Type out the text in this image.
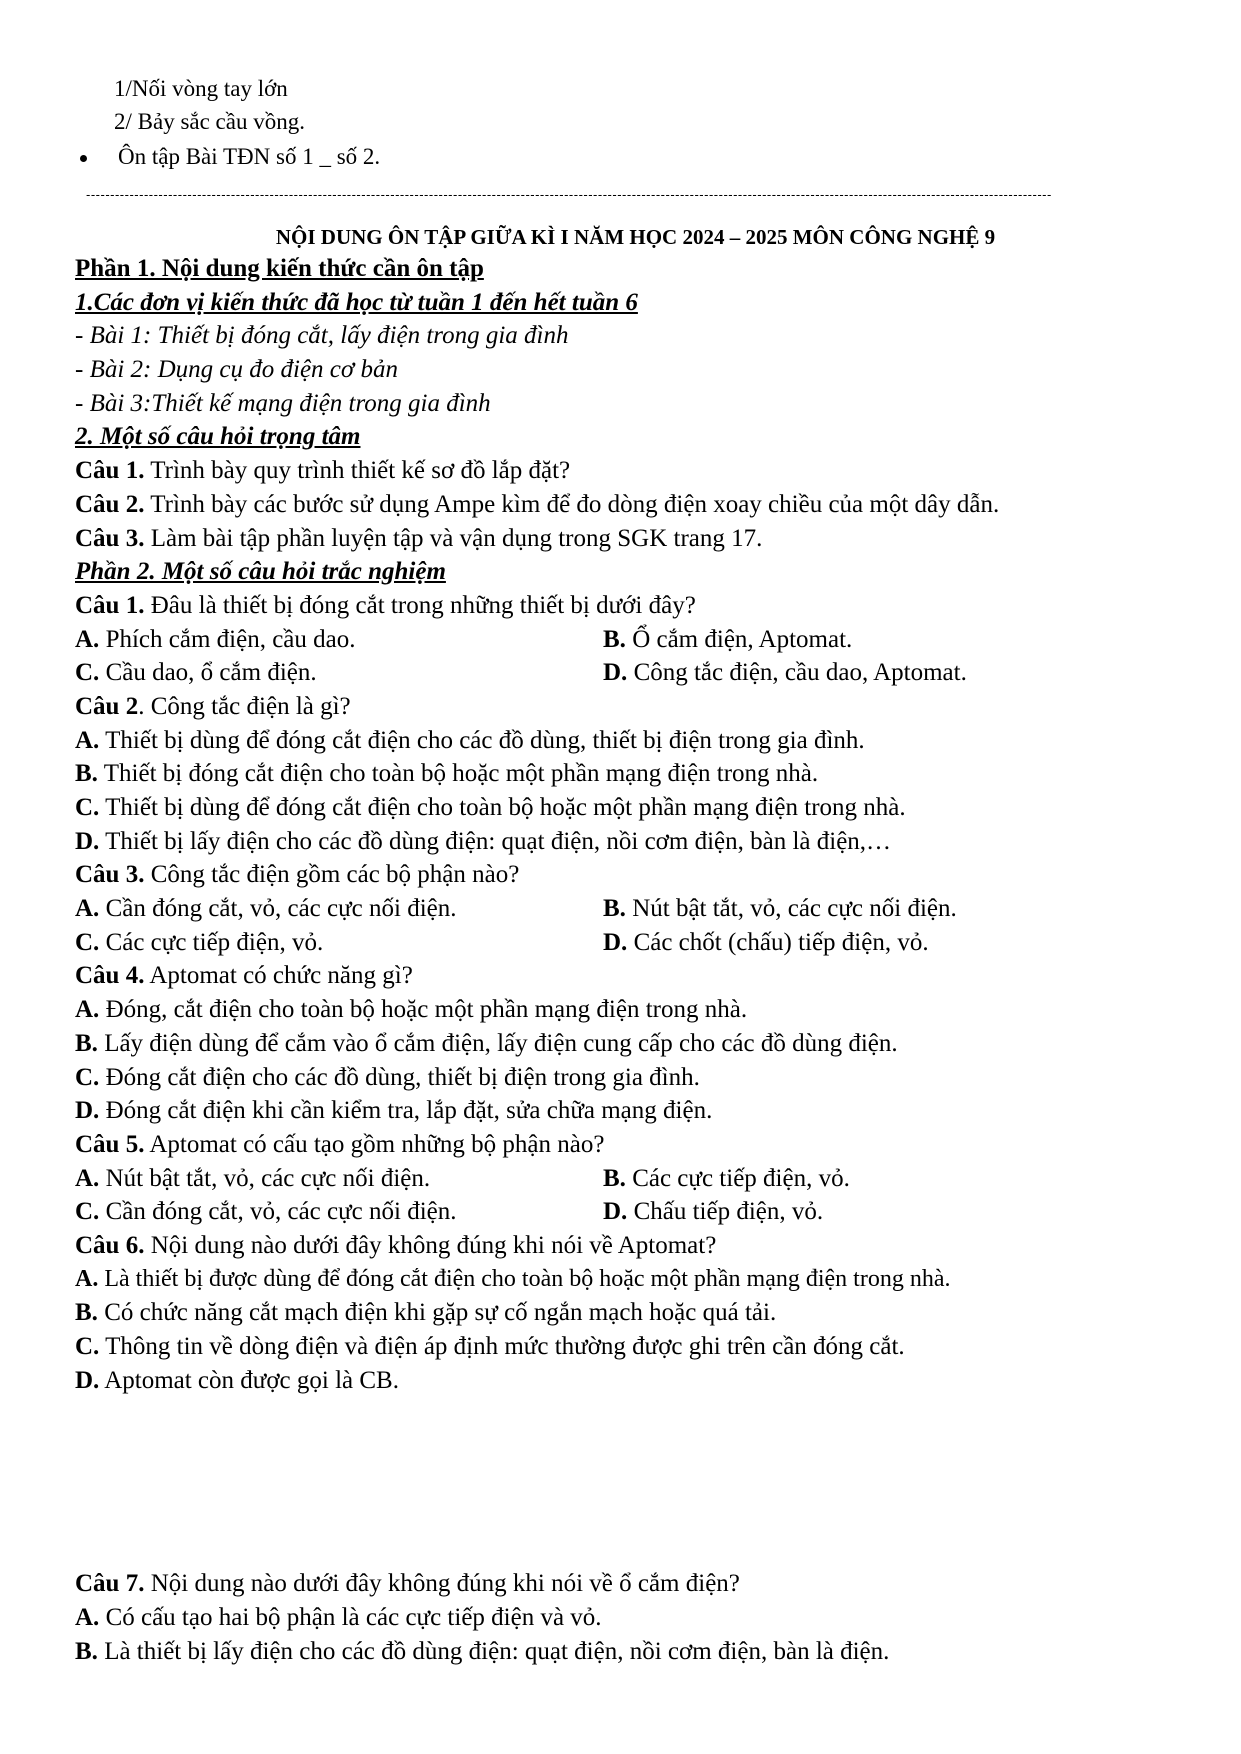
1/Nối vòng tay lớn
2/ Bảy sắc cầu vồng.
Ôn tập Bài TĐN số 1 _ số 2.
--------------------------------------------------------------------------------------------------------------------------------------------------------------------------------------------------------
NỘI DUNG ÔN TẬP GIỮA KÌ I NĂM HỌC 2024 – 2025 MÔN CÔNG NGHỆ 9
Phần 1. Nội dung kiến thức cần ôn tập
1.Các đơn vị kiến thức đã học từ tuần 1 đến hết tuần 6
- Bài 1: Thiết bị đóng cắt, lấy điện trong gia đình
- Bài 2: Dụng cụ đo điện cơ bản
- Bài 3:Thiết kế mạng điện trong gia đình
2. Một số câu hỏi trọng tâm
Câu 1. Trình bày quy trình thiết kế sơ đồ lắp đặt?
Câu 2. Trình bày các bước sử dụng Ampe kìm để đo dòng điện xoay chiều của một dây dẫn.
Câu 3. Làm bài tập phần luyện tập và vận dụng trong SGK trang 17.
Phần 2. Một số câu hỏi trắc nghiệm
Câu 1. Đâu là thiết bị đóng cắt trong những thiết bị dưới đây?
A. Phích cắm điện, cầu dao.	B. Ổ cắm điện, Aptomat.
C. Cầu dao, ổ cắm điện.	D. Công tắc điện, cầu dao, Aptomat.
Câu 2. Công tắc điện là gì?
A. Thiết bị dùng để đóng cắt điện cho các đồ dùng, thiết bị điện trong gia đình.
B. Thiết bị đóng cắt điện cho toàn bộ hoặc một phần mạng điện trong nhà.
C. Thiết bị dùng để đóng cắt điện cho toàn bộ hoặc một phần mạng điện trong nhà.
D. Thiết bị lấy điện cho các đồ dùng điện: quạt điện, nồi cơm điện, bàn là điện,…
Câu 3. Công tắc điện gồm các bộ phận nào?
A. Cần đóng cắt, vỏ, các cực nối điện.	B. Nút bật tắt, vỏ, các cực nối điện.
C. Các cực tiếp điện, vỏ.	D. Các chốt (chấu) tiếp điện, vỏ.
Câu 4. Aptomat có chức năng gì?
A. Đóng, cắt điện cho toàn bộ hoặc một phần mạng điện trong nhà.
B. Lấy điện dùng để cắm vào ổ cắm điện, lấy điện cung cấp cho các đồ dùng điện.
C. Đóng cắt điện cho các đồ dùng, thiết bị điện trong gia đình.
D. Đóng cắt điện khi cần kiểm tra, lắp đặt, sửa chữa mạng điện.
Câu 5. Aptomat có cấu tạo gồm những bộ phận nào?
A. Nút bật tắt, vỏ, các cực nối điện.	B. Các cực tiếp điện, vỏ.
C. Cần đóng cắt, vỏ, các cực nối điện.	D. Chấu tiếp điện, vỏ.
Câu 6. Nội dung nào dưới đây không đúng khi nói về Aptomat?
A. Là thiết bị được dùng để đóng cắt điện cho toàn bộ hoặc một phần mạng điện trong nhà.
B. Có chức năng cắt mạch điện khi gặp sự cố ngắn mạch hoặc quá tải.
C. Thông tin về dòng điện và điện áp định mức thường được ghi trên cần đóng cắt.
D. Aptomat còn được gọi là CB.
Câu 7. Nội dung nào dưới đây không đúng khi nói về ổ cắm điện?
A. Có cấu tạo hai bộ phận là các cực tiếp điện và vỏ.
B. Là thiết bị lấy điện cho các đồ dùng điện: quạt điện, nồi cơm điện, bàn là điện.
